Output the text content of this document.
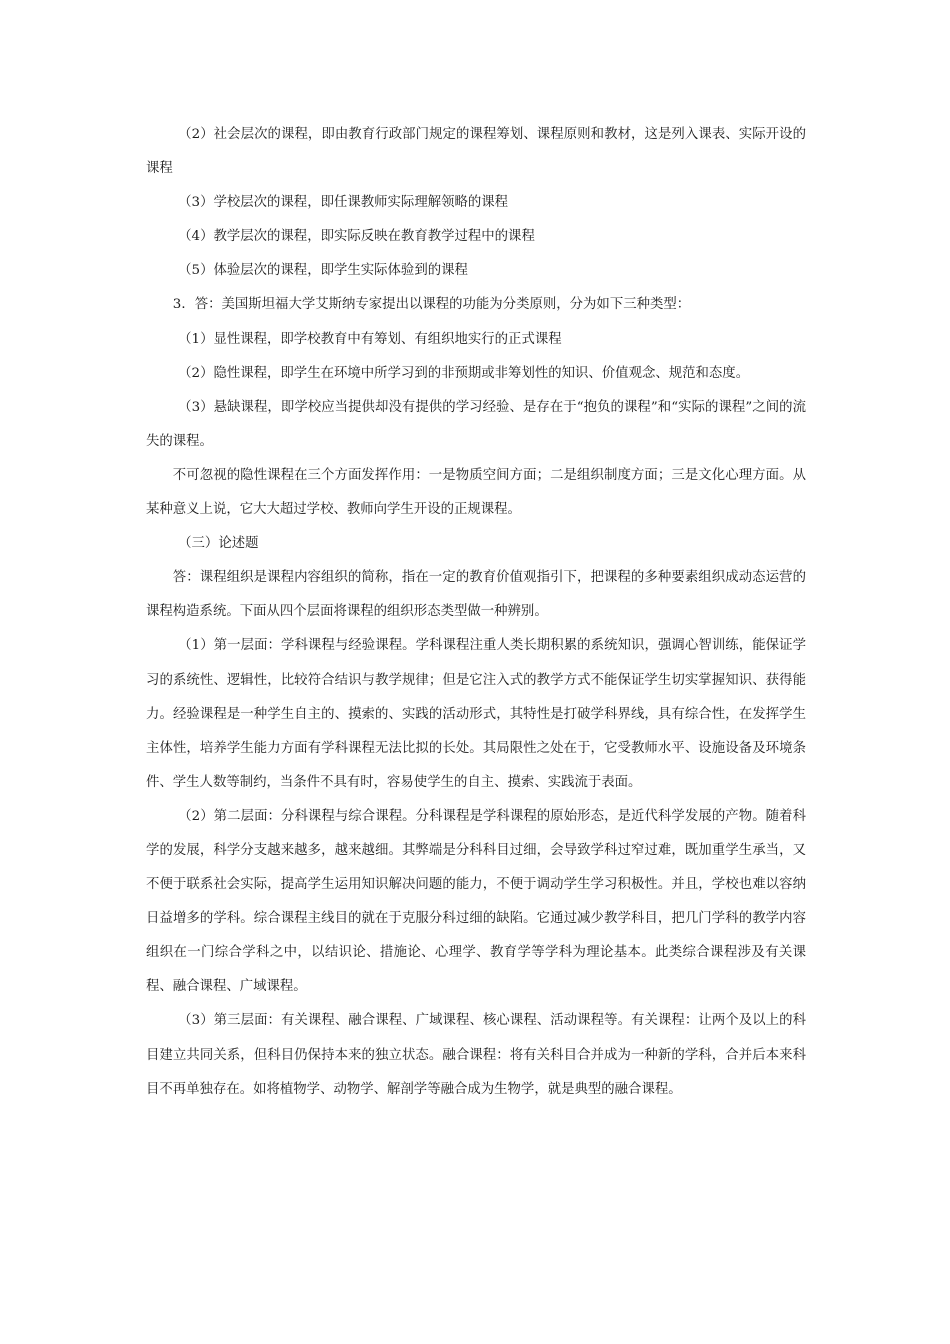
（2）社会层次的课程，即由教育行政部门规定的课程筹划、课程原则和教材，这是列入课表、实际开设的课程

（3）学校层次的课程，即任课教师实际理解领略的课程

（4）教学层次的课程，即实际反映在教育教学过程中的课程

（5）体验层次的课程，即学生实际体验到的课程

3．答：美国斯坦福大学艾斯纳专家提出以课程的功能为分类原则，分为如下三种类型：

（1）显性课程，即学校教育中有筹划、有组织地实行的正式课程

（2）隐性课程，即学生在环境中所学习到的非预期或非筹划性的知识、价值观念、规范和态度。

（3）悬缺课程，即学校应当提供却没有提供的学习经验、是存在于“抱负的课程”和“实际的课程”之间的流失的课程。

不可忽视的隐性课程在三个方面发挥作用：一是物质空间方面；二是组织制度方面；三是文化心理方面。从某种意义上说，它大大超过学校、教师向学生开设的正规课程。

（三）论述题

答：课程组织是课程内容组织的简称，指在一定的教育价值观指引下，把课程的多种要素组织成动态运营的课程构造系统。下面从四个层面将课程的组织形态类型做一种辨别。

（1）第一层面：学科课程与经验课程。学科课程注重人类长期积累的系统知识，强调心智训练，能保证学习的系统性、逻辑性，比较符合结识与教学规律；但是它注入式的教学方式不能保证学生切实掌握知识、获得能力。经验课程是一种学生自主的、摸索的、实践的活动形式，其特性是打破学科界线，具有综合性，在发挥学生主体性，培养学生能力方面有学科课程无法比拟的长处。其局限性之处在于，它受教师水平、设施设备及环境条件、学生人数等制约，当条件不具有时，容易使学生的自主、摸索、实践流于表面。

（2）第二层面：分科课程与综合课程。分科课程是学科课程的原始形态，是近代科学发展的产物。随着科学的发展，科学分支越来越多，越来越细。其弊端是分科科目过细，会导致学科过窄过难，既加重学生承当，又不便于联系社会实际，提高学生运用知识解决问题的能力，不便于调动学生学习积极性。并且，学校也难以容纳日益增多的学科。综合课程主线目的就在于克服分科过细的缺陷。它通过减少教学科目，把几门学科的教学内容组织在一门综合学科之中，以结识论、措施论、心理学、教育学等学科为理论基本。此类综合课程涉及有关课程、融合课程、广域课程。

（3）第三层面：有关课程、融合课程、广域课程、核心课程、活动课程等。有关课程：让两个及以上的科目建立共同关系，但科目仍保持本来的独立状态。融合课程：将有关科目合并成为一种新的学科，合并后本来科目不再单独存在。如将植物学、动物学、解剖学等融合成为生物学，就是典型的融合课程。
